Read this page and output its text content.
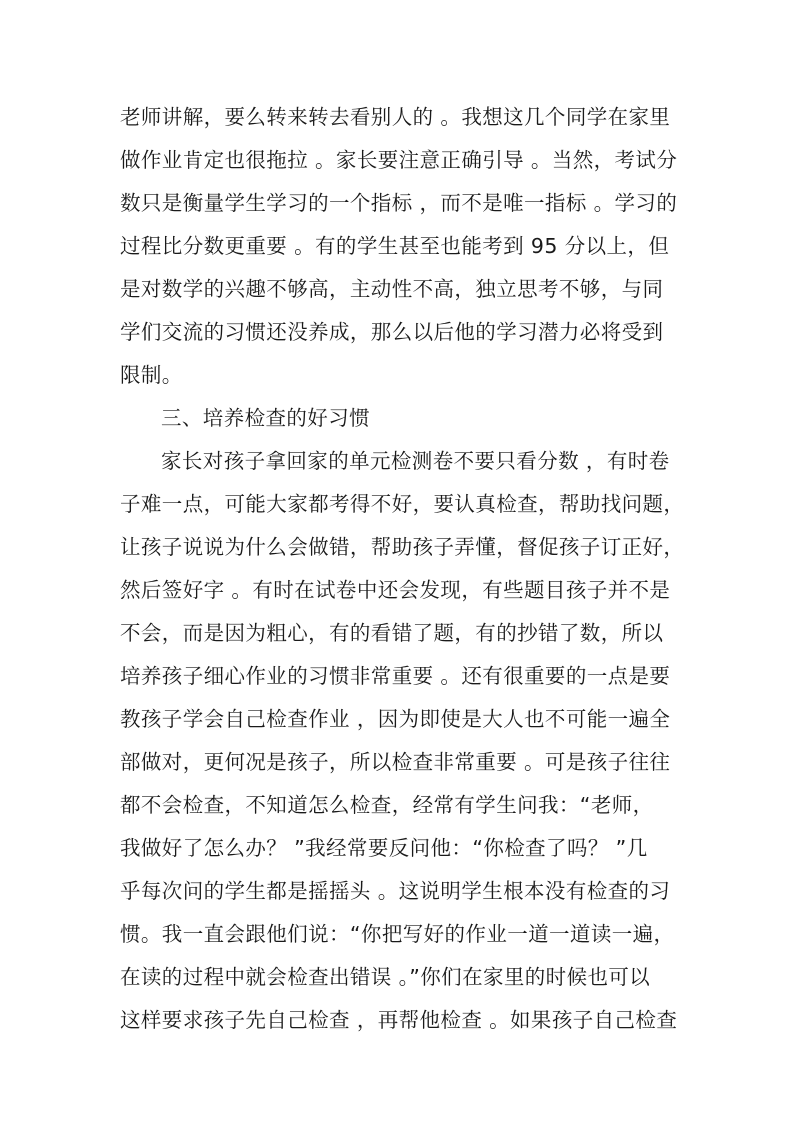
老师讲解，要么转来转去看别人的 。我想这几个同学在家里
做作业肯定也很拖拉 。家长要注意正确引导 。当然，考试分
数只是衡量学生学习的一个指标 ，而不是唯一指标 。学习的
过程比分数更重要 。有的学生甚至也能考到 95 分以上，但
是对数学的兴趣不够高，主动性不高，独立思考不够，与同
学们交流的习惯还没养成，那么以后他的学习潜力必将受到
限制。
三、培养检查的好习惯
家长对孩子拿回家的单元检测卷不要只看分数 ，有时卷
子难一点，可能大家都考得不好，要认真检查，帮助找问题，
让孩子说说为什么会做错，帮助孩子弄懂，督促孩子订正好，
然后签好字 。有时在试卷中还会发现，有些题目孩子并不是
不会，而是因为粗心，有的看错了题，有的抄错了数，所以
培养孩子细心作业的习惯非常重要 。还有很重要的一点是要
教孩子学会自己检查作业 ，因为即使是大人也不可能一遍全
部做对，更何况是孩子，所以检查非常重要 。可是孩子往往
都不会检查，不知道怎么检查，经常有学生问我：“老师，
我做好了怎么办？ ”我经常要反问他：“你检查了吗？ ”几
乎每次问的学生都是摇摇头 。这说明学生根本没有检查的习
惯。我一直会跟他们说：“你把写好的作业一道一道读一遍，
在读的过程中就会检查出错误 。”你们在家里的时候也可以
这样要求孩子先自己检查 ，再帮他检查 。如果孩子自己检查
